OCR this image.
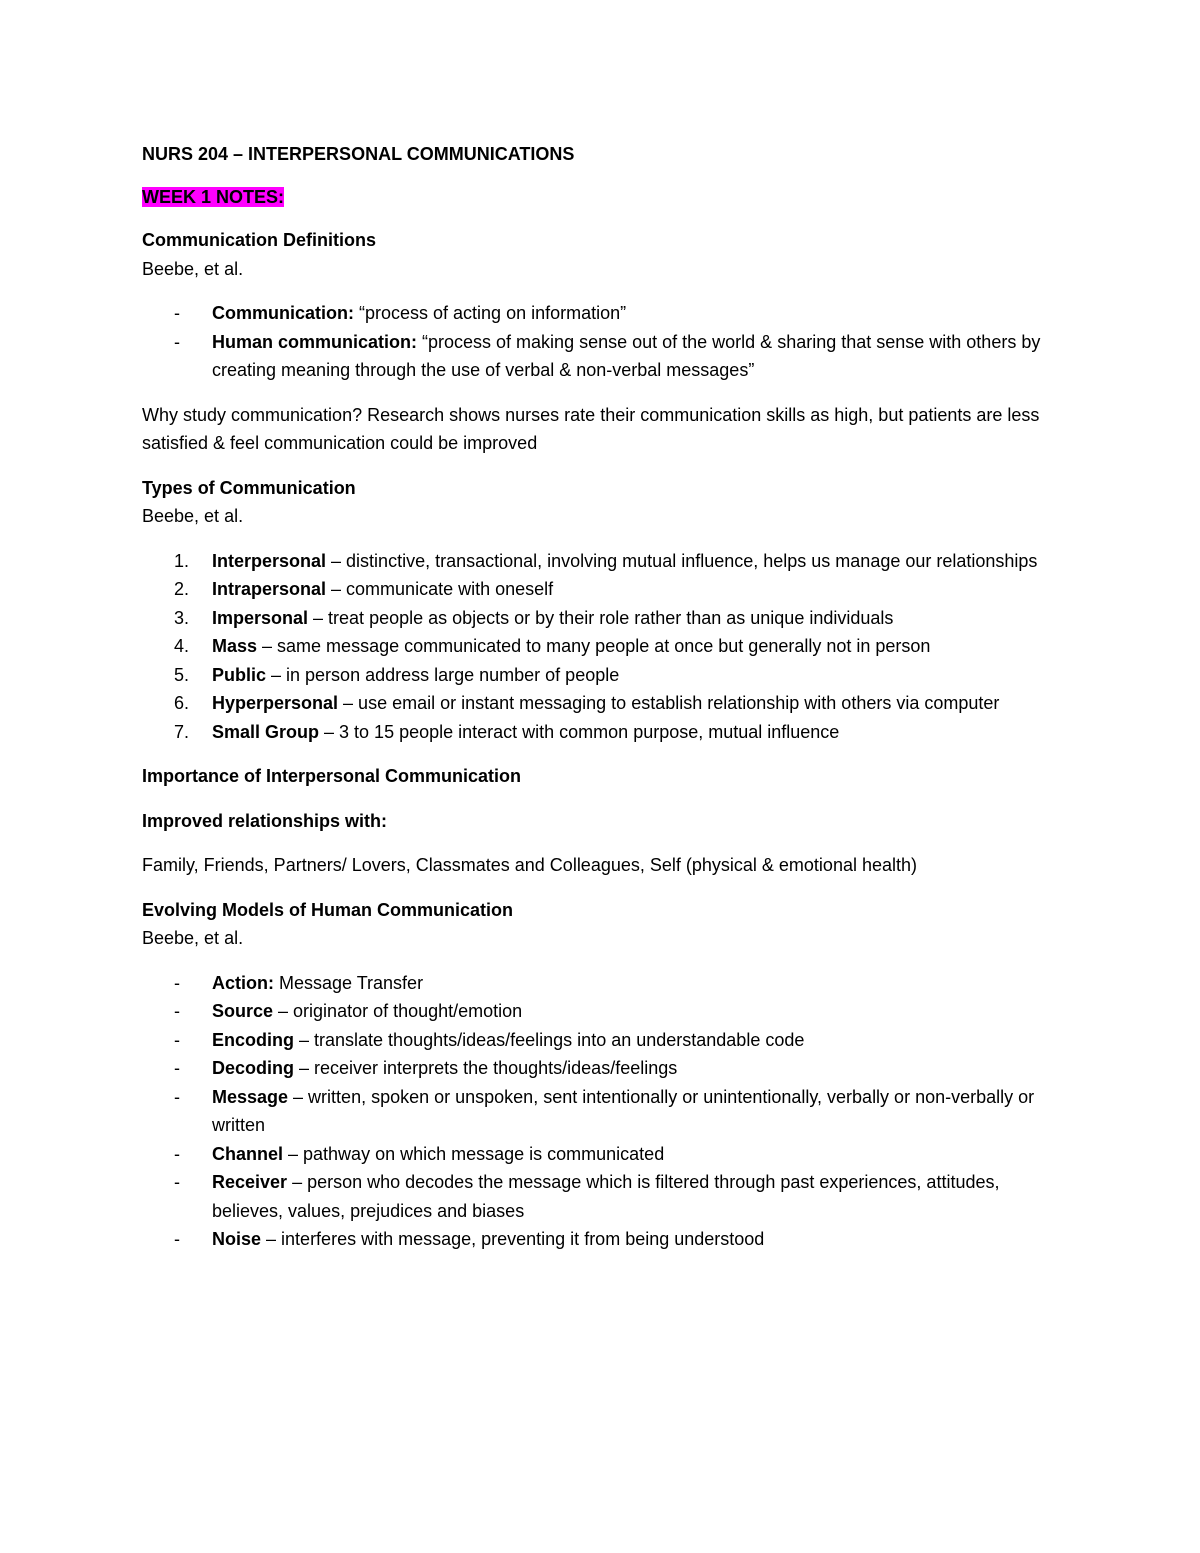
NURS 204 – INTERPERSONAL COMMUNICATIONS

WEEK 1 NOTES:

Communication Definitions

Beebe, et al.

- Communication: “process of acting on information”
- Human communication: “process of making sense out of the world & sharing that sense with others by creating meaning through the use of verbal & non-verbal messages”

Why study communication? Research shows nurses rate their communication skills as high, but patients are less satisfied & feel communication could be improved

Types of Communication

Beebe, et al.

1. Interpersonal – distinctive, transactional, involving mutual influence, helps us manage our relationships
2. Intrapersonal – communicate with oneself
3. Impersonal – treat people as objects or by their role rather than as unique individuals
4. Mass – same message communicated to many people at once but generally not in person
5. Public – in person address large number of people
6. Hyperpersonal – use email or instant messaging to establish relationship with others via computer
7. Small Group – 3 to 15 people interact with common purpose, mutual influence

Importance of Interpersonal Communication

Improved relationships with:

Family, Friends, Partners/ Lovers, Classmates and Colleagues, Self (physical & emotional health)

Evolving Models of Human Communication

Beebe, et al.

- Action: Message Transfer
- Source – originator of thought/emotion
- Encoding – translate thoughts/ideas/feelings into an understandable code
- Decoding – receiver interprets the thoughts/ideas/feelings
- Message – written, spoken or unspoken, sent intentionally or unintentionally, verbally or non-verbally or written
- Channel – pathway on which message is communicated
- Receiver – person who decodes the message which is filtered through past experiences, attitudes, believes, values, prejudices and biases
- Noise – interferes with message, preventing it from being understood
